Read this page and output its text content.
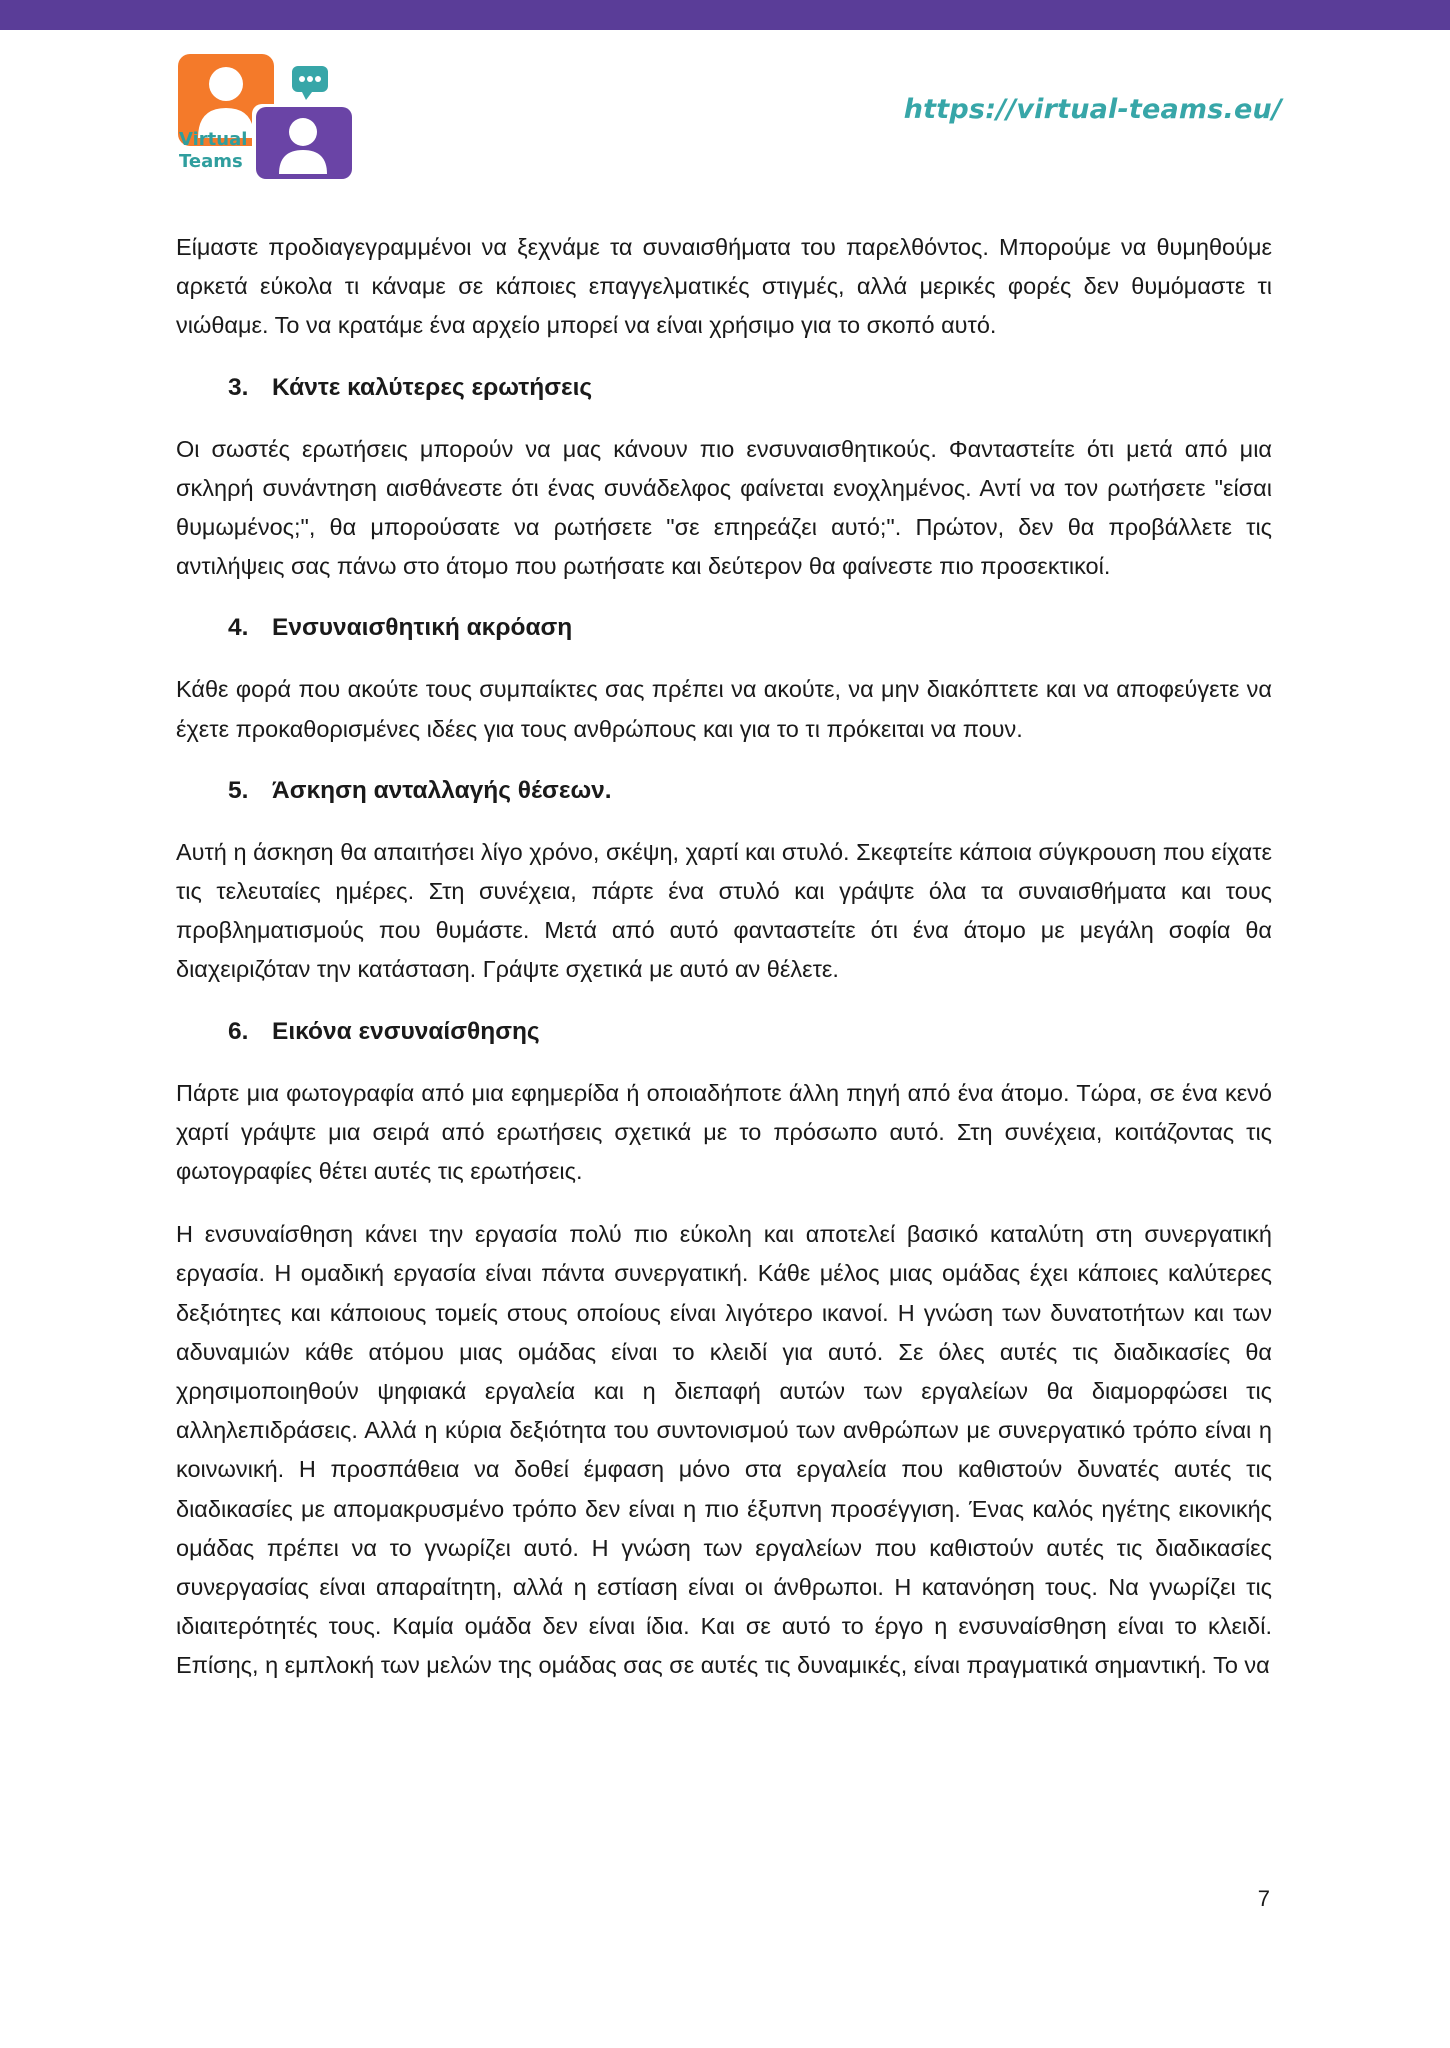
Virtual
Teams
https://virtual-teams.eu/

Είμαστε προδιαγεγραμμένοι να ξεχνάμε τα συναισθήματα του παρελθόντος. Μπορούμε να θυμηθούμε αρκετά εύκολα τι κάναμε σε κάποιες επαγγελματικές στιγμές, αλλά μερικές φορές δεν θυμόμαστε τι νιώθαμε. Το να κρατάμε ένα αρχείο μπορεί να είναι χρήσιμο για το σκοπό αυτό.

3. Κάντε καλύτερες ερωτήσεις

Οι σωστές ερωτήσεις μπορούν να μας κάνουν πιο ενσυναισθητικούς. Φανταστείτε ότι μετά από μια σκληρή συνάντηση αισθάνεστε ότι ένας συνάδελφος φαίνεται ενοχλημένος. Αντί να τον ρωτήσετε "είσαι θυμωμένος;", θα μπορούσατε να ρωτήσετε "σε επηρεάζει αυτό;". Πρώτον, δεν θα προβάλλετε τις αντιλήψεις σας πάνω στο άτομο που ρωτήσατε και δεύτερον θα φαίνεστε πιο προσεκτικοί.

4. Ενσυναισθητική ακρόαση

Κάθε φορά που ακούτε τους συμπαίκτες σας πρέπει να ακούτε, να μην διακόπτετε και να αποφεύγετε να έχετε προκαθορισμένες ιδέες για τους ανθρώπους και για το τι πρόκειται να πουν.

5. Άσκηση ανταλλαγής θέσεων.

Αυτή η άσκηση θα απαιτήσει λίγο χρόνο, σκέψη, χαρτί και στυλό. Σκεφτείτε κάποια σύγκρουση που είχατε τις τελευταίες ημέρες. Στη συνέχεια, πάρτε ένα στυλό και γράψτε όλα τα συναισθήματα και τους προβληματισμούς που θυμάστε. Μετά από αυτό φανταστείτε ότι ένα άτομο με μεγάλη σοφία θα διαχειριζόταν την κατάσταση. Γράψτε σχετικά με αυτό αν θέλετε.

6. Εικόνα ενσυναίσθησης

Πάρτε μια φωτογραφία από μια εφημερίδα ή οποιαδήποτε άλλη πηγή από ένα άτομο. Τώρα, σε ένα κενό χαρτί γράψτε μια σειρά από ερωτήσεις σχετικά με το πρόσωπο αυτό. Στη συνέχεια, κοιτάζοντας τις φωτογραφίες θέτει αυτές τις ερωτήσεις.

Η ενσυναίσθηση κάνει την εργασία πολύ πιο εύκολη και αποτελεί βασικό καταλύτη στη συνεργατική εργασία. Η ομαδική εργασία είναι πάντα συνεργατική. Κάθε μέλος μιας ομάδας έχει κάποιες καλύτερες δεξιότητες και κάποιους τομείς στους οποίους είναι λιγότερο ικανοί. Η γνώση των δυνατοτήτων και των αδυναμιών κάθε ατόμου μιας ομάδας είναι το κλειδί για αυτό. Σε όλες αυτές τις διαδικασίες θα χρησιμοποιηθούν ψηφιακά εργαλεία και η διεπαφή αυτών των εργαλείων θα διαμορφώσει τις αλληλεπιδράσεις. Αλλά η κύρια δεξιότητα του συντονισμού των ανθρώπων με συνεργατικό τρόπο είναι η κοινωνική. Η προσπάθεια να δοθεί έμφαση μόνο στα εργαλεία που καθιστούν δυνατές αυτές τις διαδικασίες με απομακρυσμένο τρόπο δεν είναι η πιο έξυπνη προσέγγιση. Ένας καλός ηγέτης εικονικής ομάδας πρέπει να το γνωρίζει αυτό. Η γνώση των εργαλείων που καθιστούν αυτές τις διαδικασίες συνεργασίας είναι απαραίτητη, αλλά η εστίαση είναι οι άνθρωποι. Η κατανόηση τους. Να γνωρίζει τις ιδιαιτερότητές τους. Καμία ομάδα δεν είναι ίδια. Και σε αυτό το έργο η ενσυναίσθηση είναι το κλειδί. Επίσης, η εμπλοκή των μελών της ομάδας σας σε αυτές τις δυναμικές, είναι πραγματικά σημαντική. Το να

7
